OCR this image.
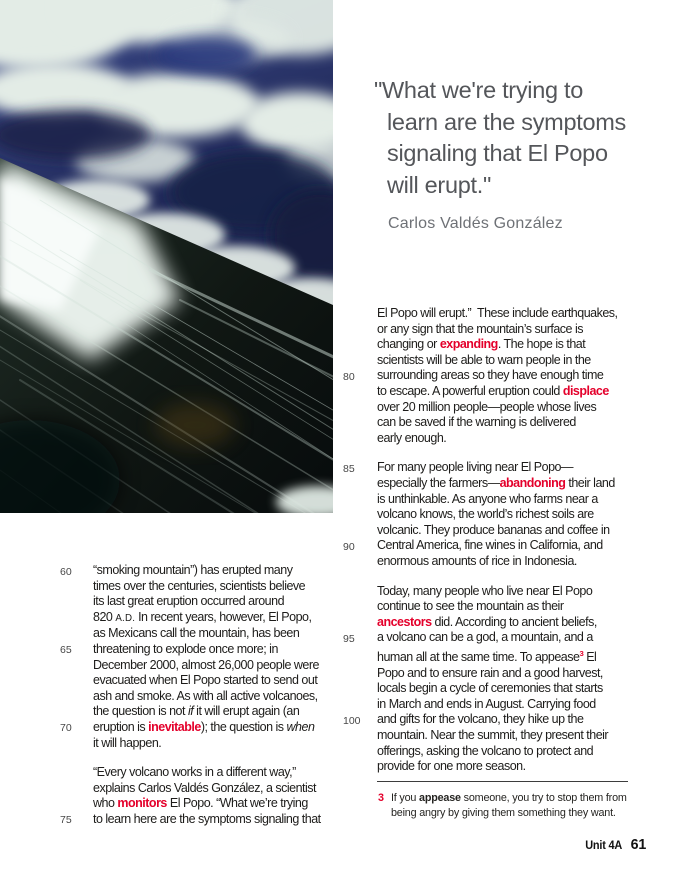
"What we're trying to
learn are the symptoms
signaling that El Popo
will erupt."
Carlos Valdés González
60 “smoking mountain”) has erupted many
times over the centuries, scientists believe
its last great eruption occurred around
820 A.D. In recent years, however, El Popo,
as Mexicans call the mountain, has been
65 threatening to explode once more; in
December 2000, almost 26,000 people were
evacuated when El Popo started to send out
ash and smoke. As with all active volcanoes,
the question is not if it will erupt again (an
70 eruption is inevitable); the question is when
it will happen.
“Every volcano works in a different way,”
explains Carlos Valdés González, a scientist
who monitors El Popo. “What we’re trying
75 to learn here are the symptoms signaling that
El Popo will erupt.” These include earthquakes,
or any sign that the mountain’s surface is
changing or expanding. The hope is that
scientists will be able to warn people in the
80 surrounding areas so they have enough time
to escape. A powerful eruption could displace
over 20 million people—people whose lives
can be saved if the warning is delivered
early enough.
85 For many people living near El Popo—
especially the farmers—abandoning their land
is unthinkable. As anyone who farms near a
volcano knows, the world’s richest soils are
volcanic. They produce bananas and coffee in
90 Central America, fine wines in California, and
enormous amounts of rice in Indonesia.
Today, many people who live near El Popo
continue to see the mountain as their
ancestors did. According to ancient beliefs,
95 a volcano can be a god, a mountain, and a
human all at the same time. To appease$^3$ El
Popo and to ensure rain and a good harvest,
locals begin a cycle of ceremonies that starts
in March and ends in August. Carrying food
100 and gifts for the volcano, they hike up the
mountain. Near the summit, they present their
offerings, asking the volcano to protect and
provide for one more season.
3 If you appease someone, you try to stop them from
being angry by giving them something they want.
Unit 4A 61
